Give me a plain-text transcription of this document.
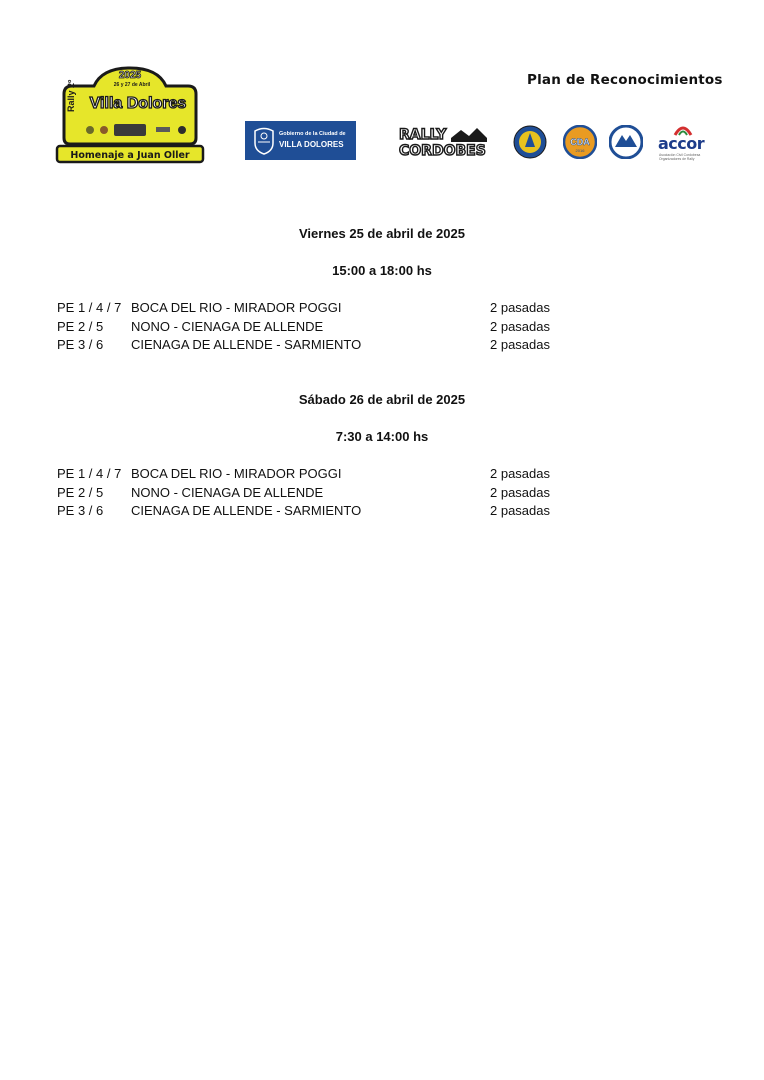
2025
26 y 27 de Abril
Rally 2º Villa Dolores
Homenaje a Juan Oller
Plan de Reconocimientos
Gobierno de la Ciudad de
VILLA DOLORES
RALLY
CORDOBES
CDA
2016	accor
Asociación Civil Cordobesa
Organizadores de Rally
Viernes 25 de abril de 2025
15:00 a 18:00 hs
PE 1 / 4 / 7 BOCA DEL RIO - MIRADOR POGGI	2 pasadas
PE 2 / 5 NONO - CIENAGA DE ALLENDE	2 pasadas
PE 3 / 6 CIENAGA DE ALLENDE - SARMIENTO	2 pasadas
Sábado 26 de abril de 2025
7:30 a 14:00 hs
PE 1 / 4 / 7 BOCA DEL RIO - MIRADOR POGGI	2 pasadas
PE 2 / 5 NONO - CIENAGA DE ALLENDE	2 pasadas
PE 3 / 6 CIENAGA DE ALLENDE - SARMIENTO	2 pasadas
